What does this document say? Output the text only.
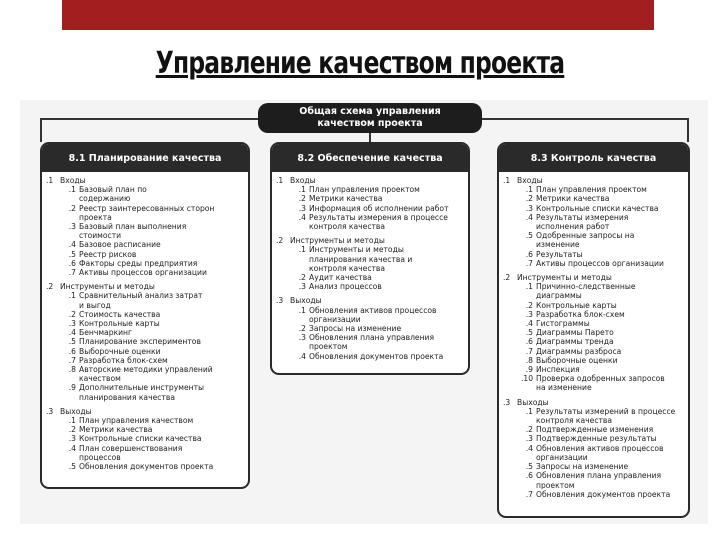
Управление качеством проекта
Общая схема управления
качеством проекта
8.1 Планирование качества
.1 Входы
.1 Базовый план по
содержанию
.2 Реестр заинтересованных сторон
проекта
.3 Базовый план выполнения
стоимости
.4 Базовое расписание
.5 Реестр рисков
.6 Факторы среды предприятия
.7 Активы процессов организации
.2 Инструменты и методы
.1 Сравнительный анализ затрат
и выгод
.2 Стоимость качества
.3 Контрольные карты
.4 Бенчмаркинг
.5 Планирование экспериментов
.6 Выборочные оценки
.7 Разработка блок-схем
.8 Авторские методики управлений
качеством
.9 Дополнительные инструменты
планирования качества
.3 Выходы
.1 План управления качеством
.2 Метрики качества
.3 Контрольные списки качества
.4 План совершенствования
процессов
.5 Обновления документов проекта
8.2 Обеспечение качества
.1 Входы
.1 План управления проектом
.2 Метрики качества
.3 Информация об исполнении работ
.4 Результаты измерения в процессе
контроля качества
.2 Инструменты и методы
.1 Инструменты и методы
планирования качества и
контроля качества
.2 Аудит качества
.3 Анализ процессов
.3 Выходы
.1 Обновления активов процессов
организации
.2 Запросы на изменение
.3 Обновления плана управления
проектом
.4 Обновления документов проекта
8.3 Контроль качества
.1 Входы
.1 План управления проектом
.2 Метрики качества
.3 Контрольные списки качества
.4 Результаты измерения
исполнения работ
.5 Одобренные запросы на
изменение
.6 Результаты
.7 Активы процессов организации
.2 Инструменты и методы
.1 Причинно-следственные
диаграммы
.2 Контрольные карты
.3 Разработка блок-схем
.4 Гистограммы
.5 Диаграммы Парето
.6 Диаграммы тренда
.7 Диаграммы разброса
.8 Выборочные оценки
.9 Инспекция
.10 Проверка одобренных запросов
на изменение
.3 Выходы
.1 Результаты измерений в процессе
контроля качества
.2 Подтвержденные изменения
.3 Подтвержденные результаты
.4 Обновления активов процессов
организации
.5 Запросы на изменение
.6 Обновления плана управления
проектом
.7 Обновления документов проекта
